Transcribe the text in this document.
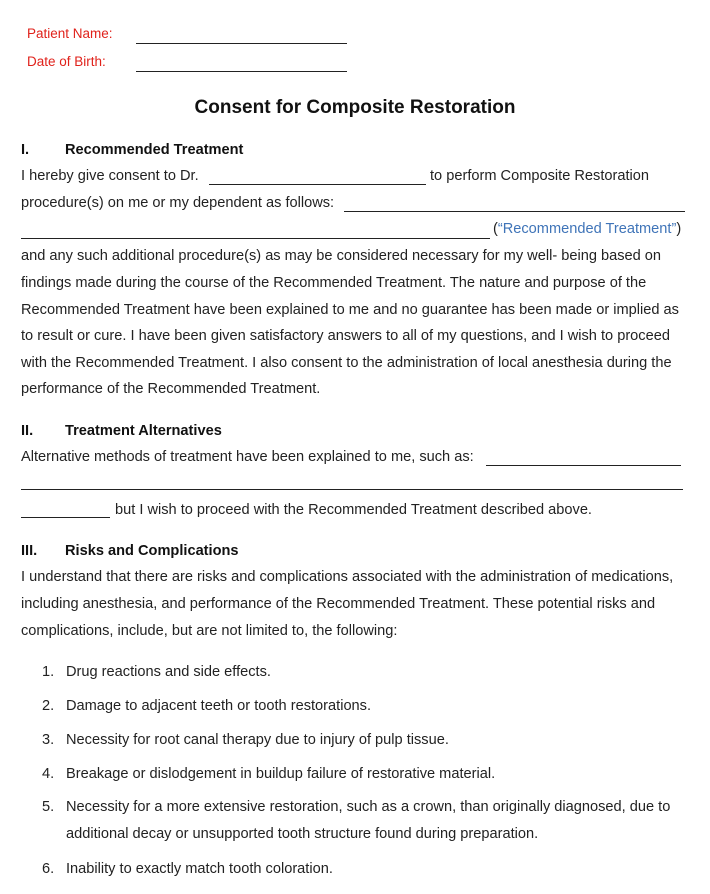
Patient Name:
Date of Birth:
Consent for Composite Restoration
I. Recommended Treatment
I hereby give consent to Dr.	to perform Composite Restoration
procedure(s) on me or my dependent as follows:
(“Recommended Treatment”)
and any such additional procedure(s) as may be considered necessary for my well- being based on
findings made during the course of the Recommended Treatment. The nature and purpose of the
Recommended Treatment have been explained to me and no guarantee has been made or implied as
to result or cure. I have been given satisfactory answers to all of my questions, and I wish to proceed
with the Recommended Treatment. I also consent to the administration of local anesthesia during the
performance of the Recommended Treatment.
II. Treatment Alternatives
Alternative methods of treatment have been explained to me, such as:
but I wish to proceed with the Recommended Treatment described above.
III. Risks and Complications
I understand that there are risks and complications associated with the administration of medications,
including anesthesia, and performance of the Recommended Treatment. These potential risks and
complications, include, but are not limited to, the following:
1. Drug reactions and side effects.
2. Damage to adjacent teeth or tooth restorations.
3. Necessity for root canal therapy due to injury of pulp tissue.
4. Breakage or dislodgement in buildup failure of restorative material.
5. Necessity for a more extensive restoration, such as a crown, than originally diagnosed, due to
additional decay or unsupported tooth structure found during preparation.
6. Inability to exactly match tooth coloration.
